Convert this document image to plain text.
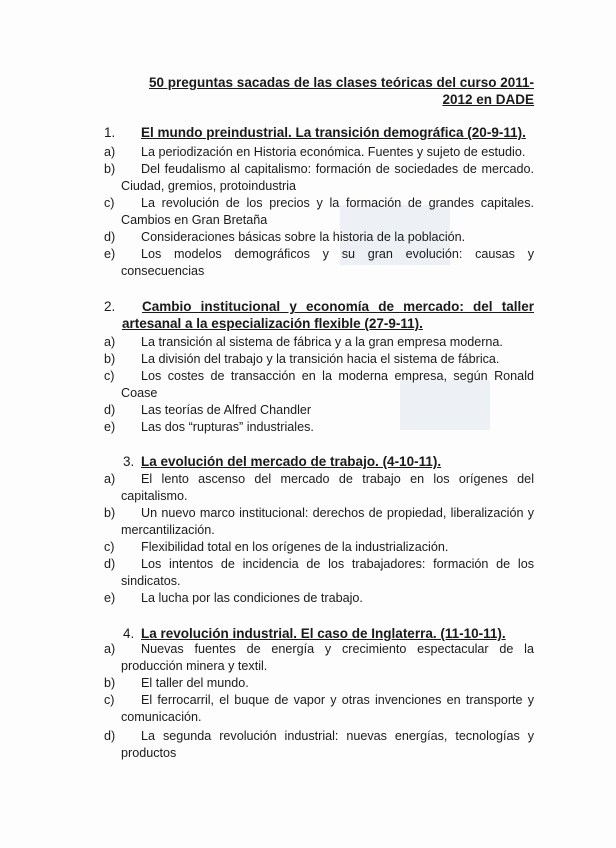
50 preguntas sacadas de las clases teóricas del curso 2011-2012 en DADE
1. El mundo preindustrial. La transición demográfica (20-9-11).
a)	La periodización en Historia económica. Fuentes y sujeto de estudio.
b)	Del feudalismo al capitalismo: formación de sociedades de mercado. Ciudad, gremios, protoindustria
c)	La revolución de los precios y la formación de grandes capitales. Cambios en Gran Bretaña
d)	Consideraciones básicas sobre la historia de la población.
e)	Los modelos demográficos y su gran evolución: causas y consecuencias
2.	Cambio institucional y economía de mercado: del taller artesanal a la especialización flexible (27-9-11).
a)	La transición al sistema de fábrica y a la gran empresa moderna.
b)	La división del trabajo y la transición hacia el sistema de fábrica.
c)	Los costes de transacción en la moderna empresa, según Ronald Coase
d)	Las teorías de Alfred Chandler
e)	Las dos “rupturas” industriales.
3. La evolución del mercado de trabajo. (4-10-11).
a)	El lento ascenso del mercado de trabajo en los orígenes del capitalismo.
b)	Un nuevo marco institucional: derechos de propiedad, liberalización y mercantilización.
c)	Flexibilidad total en los orígenes de la industrialización.
d)	Los intentos de incidencia de los trabajadores: formación de los sindicatos.
e)	La lucha por las condiciones de trabajo.
4. La revolución industrial. El caso de Inglaterra. (11-10-11).
a)	Nuevas fuentes de energía y crecimiento espectacular de la producción minera y textil.
b)	El taller del mundo.
c)	El ferrocarril, el buque de vapor y otras invenciones en transporte y comunicación.
d)	La segunda revolución industrial: nuevas energías, tecnologías y productos
